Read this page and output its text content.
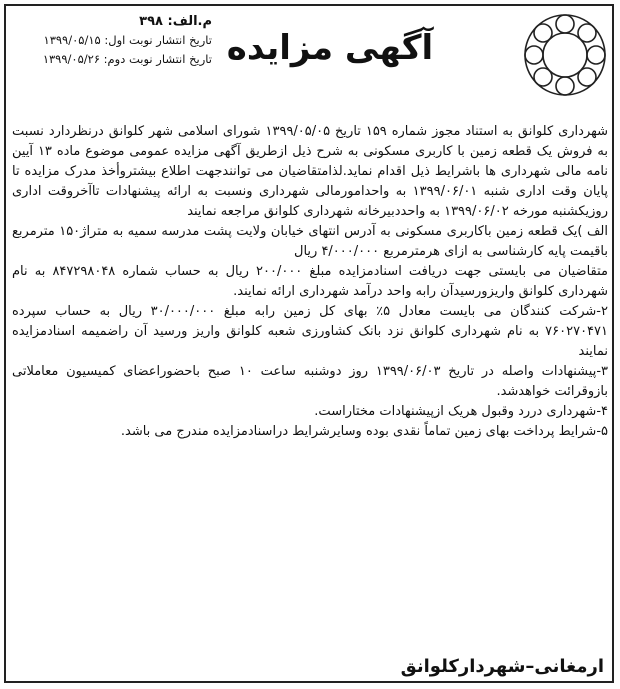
آگهی مزایده
م.الف: ۳۹۸
تاریخ انتشار نوبت اول: ۱۳۹۹/۰۵/۱۵
تاریخ انتشار نوبت دوم: ۱۳۹۹/۰۵/۲۶

شهرداری کلوانق به استناد مجوز شماره ۱۵۹ تاریخ ۱۳۹۹/۰۵/۰۵ شورای اسلامی شهر کلوانق درنظردارد نسبت به فروش یک قطعه زمین با کاربری مسکونی به شرح ذیل ازطریق آگهی مزایده عمومی موضوع ماده ۱۳ آیین نامه مالی شهرداری ها باشرایط ذیل اقدام نماید.لذامتقاضیان می توانندجهت اطلاع بیشتروأخذ مدرک مزایده تا پایان وقت اداری شنبه ۱۳۹۹/۰۶/۰۱ به واحدامورمالی شهرداری ونسبت به ارائه پیشنهادات تاآخروقت اداری روزیکشنبه مورخه ۱۳۹۹/۰۶/۰۲ به واحددبیرخانه شهرداری کلوانق مراجعه نمایند

الف )یک قطعه زمین باکاربری مسکونی به آدرس انتهای خیابان ولایت پشت مدرسه سمیه به متراژ۱۵۰ مترمربع باقیمت پایه کارشناسی به ازای هرمترمربع ۴/۰۰۰/۰۰۰ ریال

متقاضیان می بایستی جهت دریافت اسنادمزایده مبلغ ۲۰۰/۰۰۰ ریال به حساب شماره ۸۴۷۲۹۸۰۴۸ به نام شهرداری کلوانق واریزورسیدآن رابه واحد درآمد شهرداری ارائه نمایند.

۲-شرکت کنندگان می بایست معادل ۵٪ بهای کل زمین رابه مبلغ ۳۰/۰۰۰/۰۰۰ ریال به حساب سپرده ۷۶۰۲۷۰۴۷۱ به نام شهرداری کلوانق نزد بانک کشاورزی شعبه کلوانق واریز ورسید آن راضمیمه اسنادمزایده نمایند

۳-پیشنهادات واصله در تاریخ ۱۳۹۹/۰۶/۰۳ روز دوشنبه ساعت ۱۰ صبح باحضوراعضای کمیسیون معاملاتی بازوقرائت خواهدشد.

۴-شهرداری دررد وقبول هریک ازپیشنهادات مختاراست.

۵-شرایط پرداخت بهای زمین تماماً نقدی بوده وسایرشرایط دراسنادمزایده مندرج می باشد.

ارمغانی–شهردارکلوانق
